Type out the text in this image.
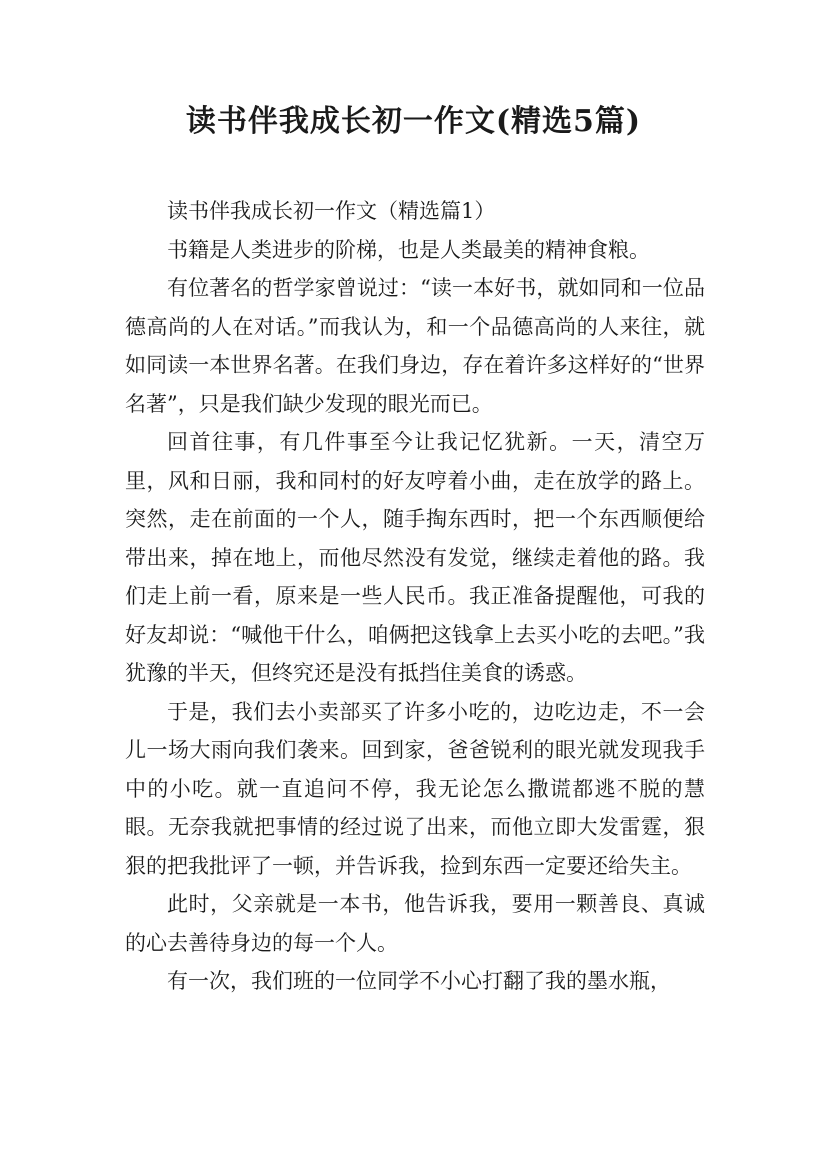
读书伴我成长初一作文(精选5篇)

读书伴我成长初一作文（精选篇1）

书籍是人类进步的阶梯，也是人类最美的精神食粮。

有位著名的哲学家曾说过：“读一本好书，就如同和一位品德高尚的人在对话。”而我认为，和一个品德高尚的人来往，就如同读一本世界名著。在我们身边，存在着许多这样好的“世界名著”，只是我们缺少发现的眼光而已。

回首往事，有几件事至今让我记忆犹新。一天，清空万里，风和日丽，我和同村的好友哼着小曲，走在放学的路上。突然，走在前面的一个人，随手掏东西时，把一个东西顺便给带出来，掉在地上，而他尽然没有发觉，继续走着他的路。我们走上前一看，原来是一些人民币。我正准备提醒他，可我的好友却说：“喊他干什么，咱俩把这钱拿上去买小吃的去吧。”我犹豫的半天，但终究还是没有抵挡住美食的诱惑。

于是，我们去小卖部买了许多小吃的，边吃边走，不一会儿一场大雨向我们袭来。回到家，爸爸锐利的眼光就发现我手中的小吃。就一直追问不停，我无论怎么撒谎都逃不脱的慧眼。无奈我就把事情的经过说了出来，而他立即大发雷霆，狠狠的把我批评了一顿，并告诉我，捡到东西一定要还给失主。

此时，父亲就是一本书，他告诉我，要用一颗善良、真诚的心去善待身边的每一个人。

有一次，我们班的一位同学不小心打翻了我的墨水瓶，
